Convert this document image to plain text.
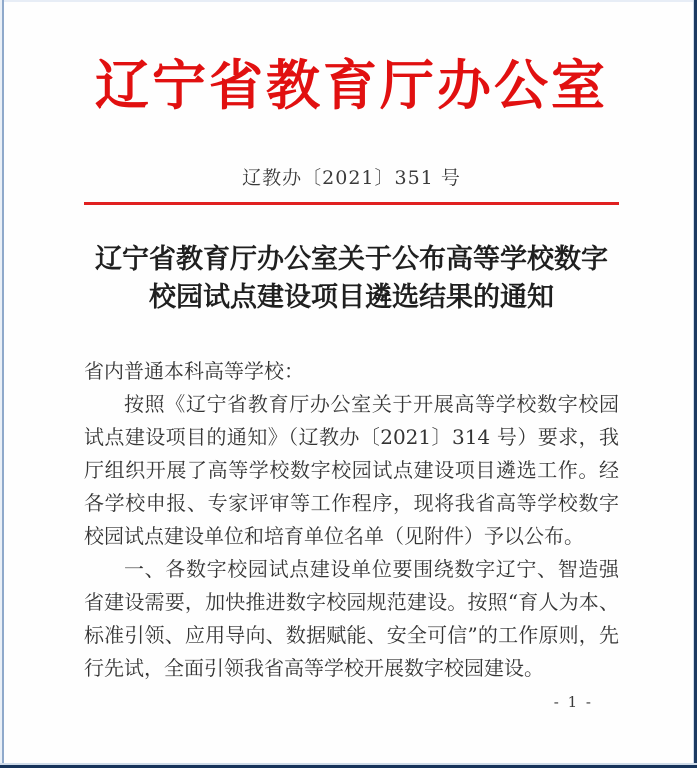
辽宁省教育厅办公室
辽教办〔2021〕351 号
辽宁省教育厅办公室关于公布高等学校数字
校园试点建设项目遴选结果的通知

省内普通本科高等学校：

按照《辽宁省教育厅办公室关于开展高等学校数字校园试点建设项目的通知》（辽教办〔2021〕314 号）要求，我厅组织开展了高等学校数字校园试点建设项目遴选工作。经各学校申报、专家评审等工作程序，现将我省高等学校数字校园试点建设单位和培育单位名单（见附件）予以公布。

一、各数字校园试点建设单位要围绕数字辽宁、智造强省建设需要，加快推进数字校园规范建设。按照“育人为本、标准引领、应用导向、数据赋能、安全可信”的工作原则，先行先试，全面引领我省高等学校开展数字校园建设。

- 1 -
